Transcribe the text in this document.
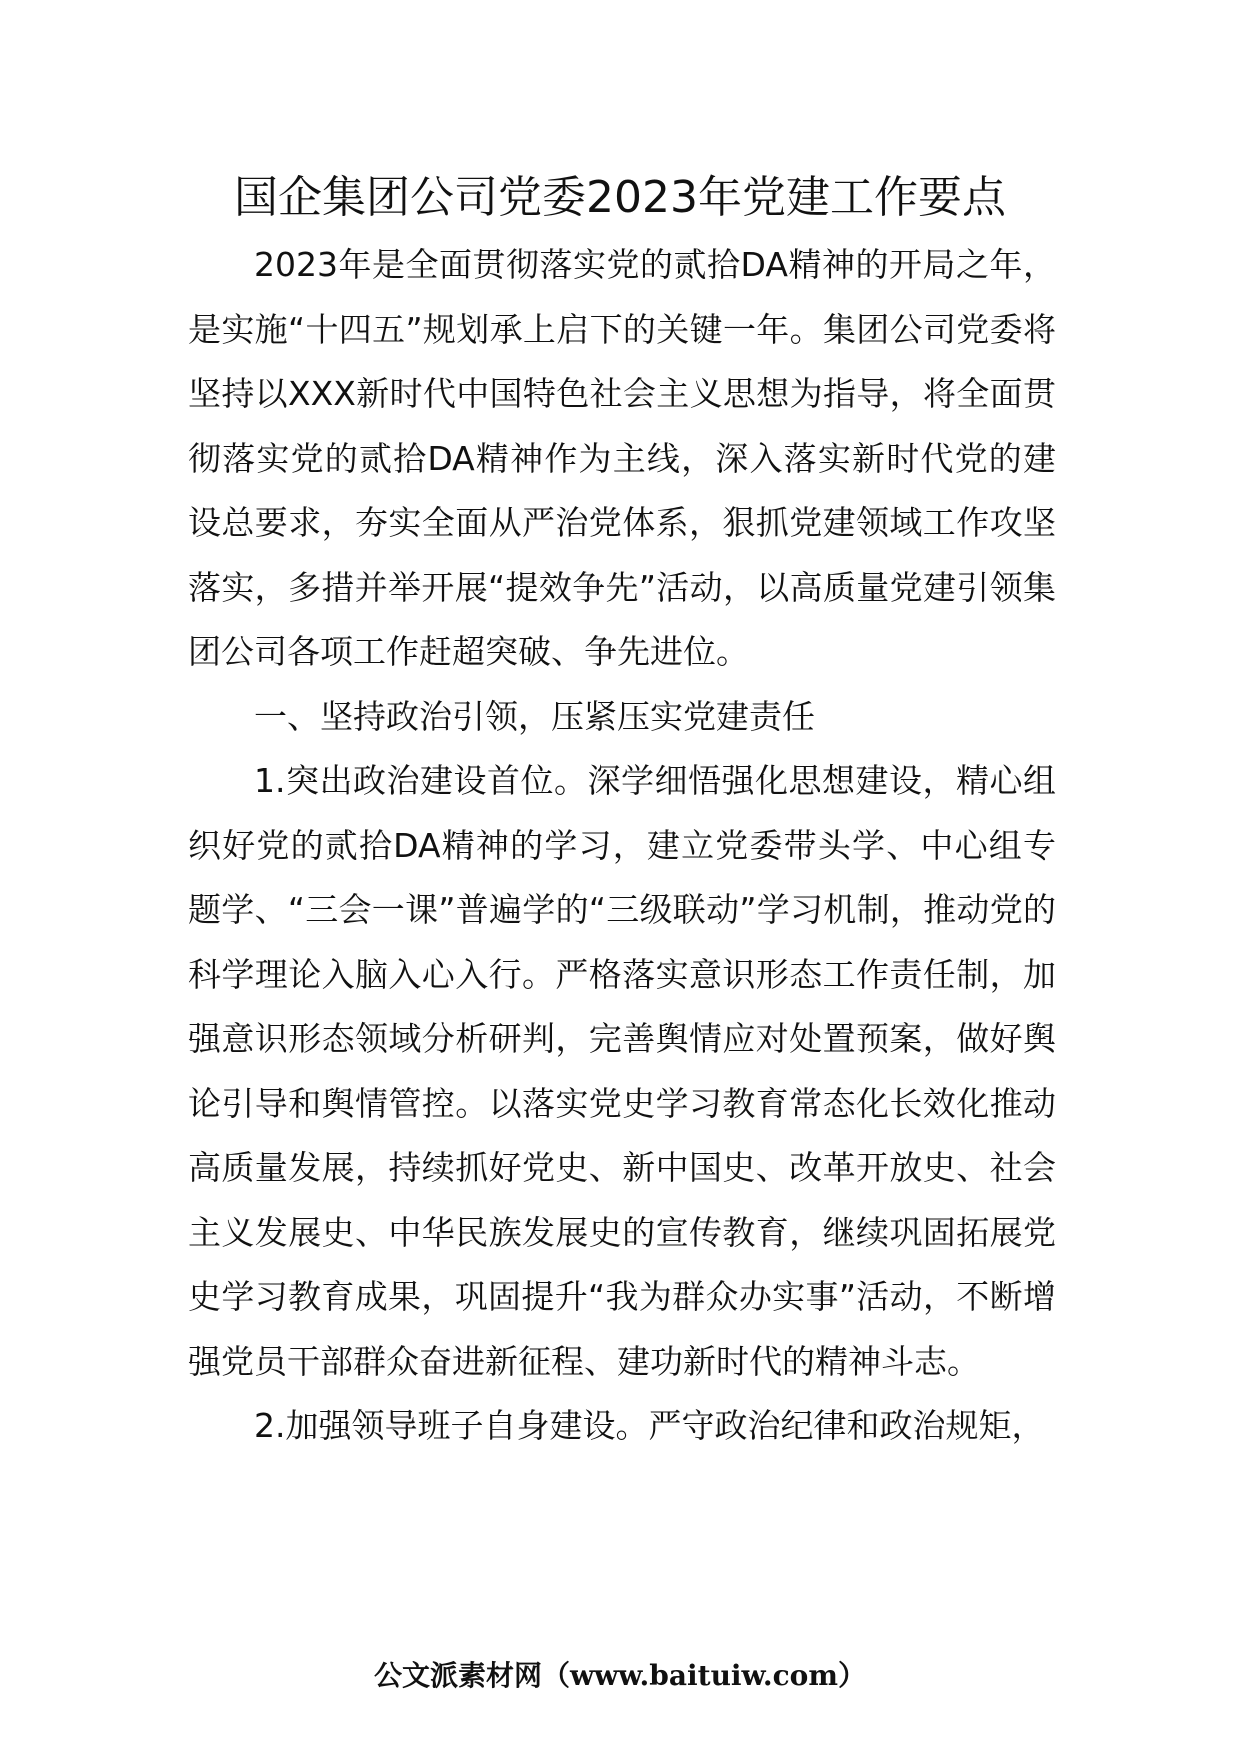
国企集团公司党委2023年党建工作要点

2023年是全面贯彻落实党的贰拾DA精神的开局之年，是实施“十四五”规划承上启下的关键一年。集团公司党委将坚持以XXX新时代中国特色社会主义思想为指导，将全面贯彻落实党的贰拾DA精神作为主线，深入落实新时代党的建设总要求，夯实全面从严治党体系，狠抓党建领域工作攻坚落实，多措并举开展“提效争先”活动，以高质量党建引领集团公司各项工作赶超突破、争先进位。

一、坚持政治引领，压紧压实党建责任

1.突出政治建设首位。深学细悟强化思想建设，精心组织好党的贰拾DA精神的学习，建立党委带头学、中心组专题学、“三会一课”普遍学的“三级联动”学习机制，推动党的科学理论入脑入心入行。严格落实意识形态工作责任制，加强意识形态领域分析研判，完善舆情应对处置预案，做好舆论引导和舆情管控。以落实党史学习教育常态化长效化推动高质量发展，持续抓好党史、新中国史、改革开放史、社会主义发展史、中华民族发展史的宣传教育，继续巩固拓展党史学习教育成果，巩固提升“我为群众办实事”活动，不断增强党员干部群众奋进新征程、建功新时代的精神斗志。

2.加强领导班子自身建设。严守政治纪律和政治规矩，

公文派素材网（www.baituiw.com）
